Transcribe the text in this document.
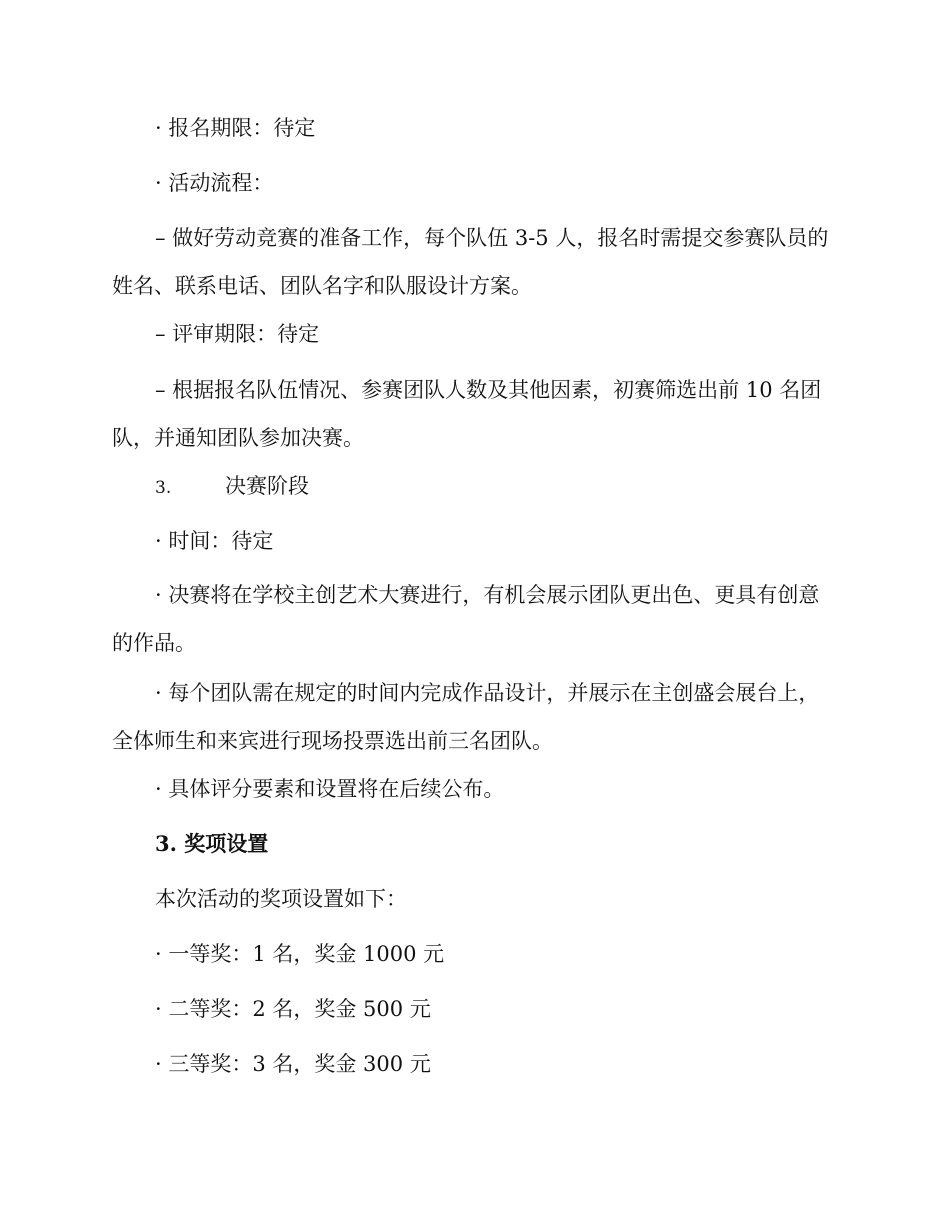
· 报名期限：待定
· 活动流程：
– 做好劳动竞赛的准备工作，每个队伍 3-5 人，报名时需提交参赛队员的姓名、联系电话、团队名字和队服设计方案。
– 评审期限：待定
– 根据报名队伍情况、参赛团队人数及其他因素，初赛筛选出前 10 名团队，并通知团队参加决赛。
3.	决赛阶段
· 时间：待定
· 决赛将在学校主创艺术大赛进行，有机会展示团队更出色、更具有创意的作品。
· 每个团队需在规定的时间内完成作品设计，并展示在主创盛会展台上，全体师生和来宾进行现场投票选出前三名团队。
· 具体评分要素和设置将在后续公布。
3. 奖项设置
本次活动的奖项设置如下：
· 一等奖：1 名，奖金 1000 元
· 二等奖：2 名，奖金 500 元
· 三等奖：3 名，奖金 300 元
